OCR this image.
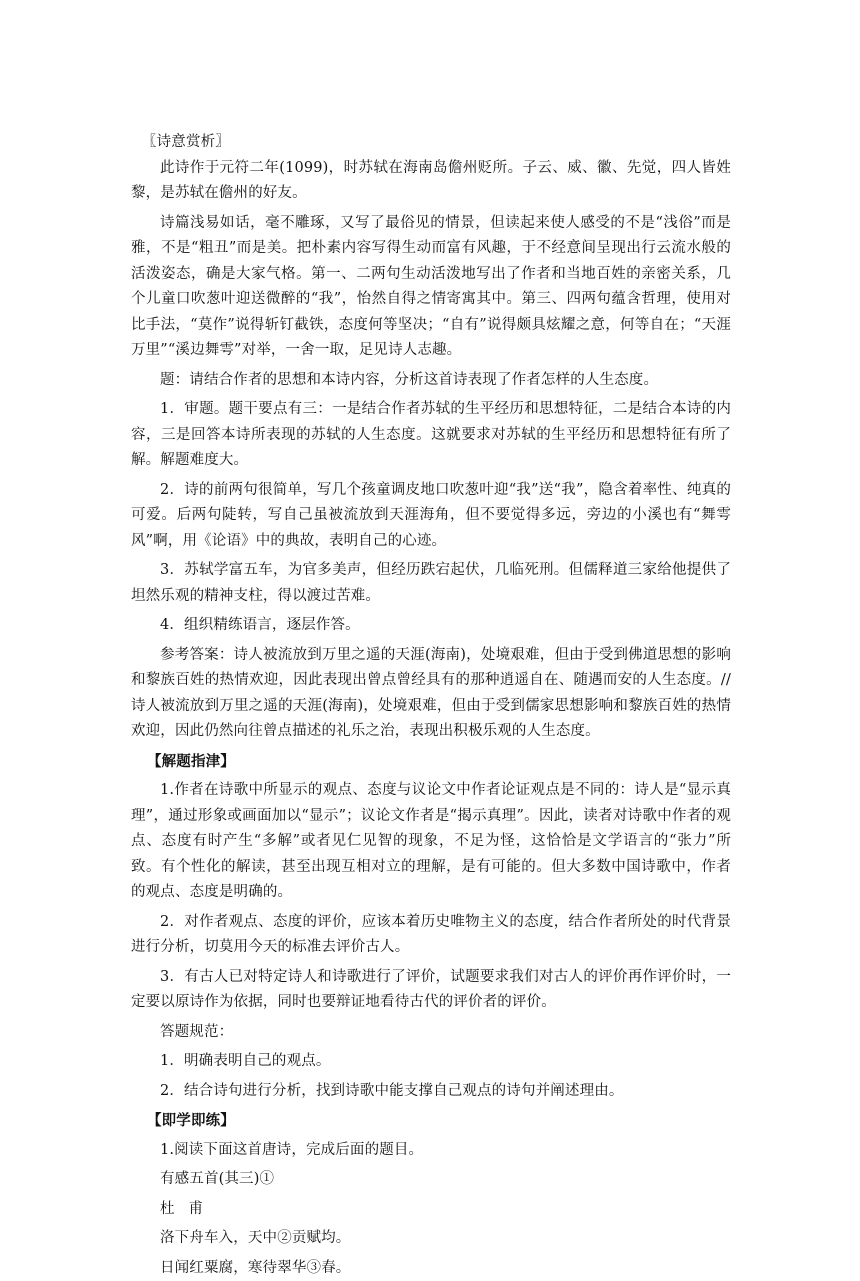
〖诗意赏析〗

此诗作于元符二年(1099)，时苏轼在海南岛儋州贬所。子云、威、徽、先觉，四人皆姓黎，是苏轼在儋州的好友。

诗篇浅易如话，毫不雕琢，又写了最俗见的情景，但读起来使人感受的不是“浅俗”而是雅，不是“粗丑”而是美。把朴素内容写得生动而富有风趣，于不经意间呈现出行云流水般的活泼姿态，确是大家气格。第一、二两句生动活泼地写出了作者和当地百姓的亲密关系，几个儿童口吹葱叶迎送微醉的“我”，怡然自得之情寄寓其中。第三、四两句蕴含哲理，使用对比手法，“莫作”说得斩钉截铁，态度何等坚决；“自有”说得颇具炫耀之意，何等自在；“天涯万里”“溪边舞雩”对举，一舍一取，足见诗人志趣。

题：请结合作者的思想和本诗内容，分析这首诗表现了作者怎样的人生态度。

1．审题。题干要点有三：一是结合作者苏轼的生平经历和思想特征，二是结合本诗的内容，三是回答本诗所表现的苏轼的人生态度。这就要求对苏轼的生平经历和思想特征有所了解。解题难度大。

2．诗的前两句很简单，写几个孩童调皮地口吹葱叶迎“我”送“我”，隐含着率性、纯真的可爱。后两句陡转，写自己虽被流放到天涯海角，但不要觉得多远，旁边的小溪也有“舞雩风”啊，用《论语》中的典故，表明自己的心迹。

3．苏轼学富五车，为官多美声，但经历跌宕起伏，几临死刑。但儒释道三家给他提供了坦然乐观的精神支柱，得以渡过苦难。

4．组织精练语言，逐层作答。

参考答案：诗人被流放到万里之遥的天涯(海南)，处境艰难，但由于受到佛道思想的影响和黎族百姓的热情欢迎，因此表现出曾点曾经具有的那种逍遥自在、随遇而安的人生态度。//诗人被流放到万里之遥的天涯(海南)，处境艰难，但由于受到儒家思想影响和黎族百姓的热情欢迎，因此仍然向往曾点描述的礼乐之治，表现出积极乐观的人生态度。

【解题指津】

1.作者在诗歌中所显示的观点、态度与议论文中作者论证观点是不同的：诗人是“显示真理”，通过形象或画面加以“显示”；议论文作者是“揭示真理”。因此，读者对诗歌中作者的观点、态度有时产生“多解”或者见仁见智的现象，不足为怪，这恰恰是文学语言的“张力”所致。有个性化的解读，甚至出现互相对立的理解，是有可能的。但大多数中国诗歌中，作者的观点、态度是明确的。

2．对作者观点、态度的评价，应该本着历史唯物主义的态度，结合作者所处的时代背景进行分析，切莫用今天的标准去评价古人。

3．有古人已对特定诗人和诗歌进行了评价，试题要求我们对古人的评价再作评价时，一定要以原诗作为依据，同时也要辩证地看待古代的评价者的评价。

答题规范：

1．明确表明自己的观点。

2．结合诗句进行分析，找到诗歌中能支撑自己观点的诗句并阐述理由。

【即学即练】

1.阅读下面这首唐诗，完成后面的题目。

有感五首(其三)①

杜甫

洛下舟车入，天中②贡赋均。

日闻红粟腐，寒待翠华③春。
